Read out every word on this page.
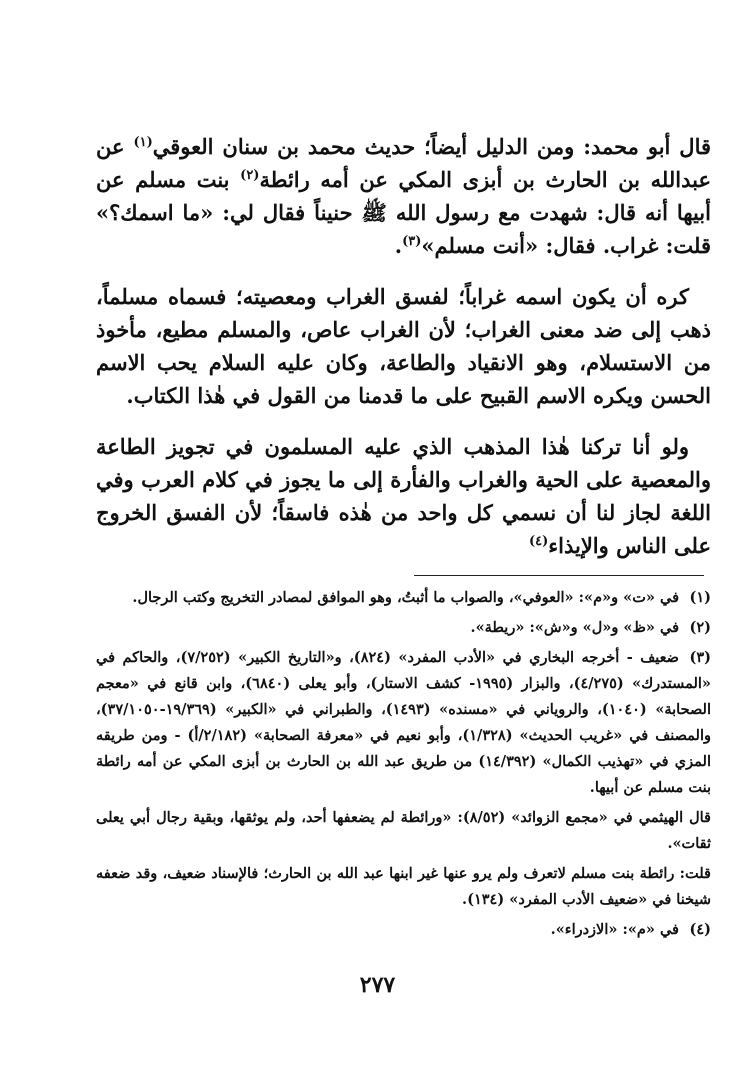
قال أبو محمد: ومن الدليل أيضاً؛ حديث محمد بن سنان العوقي$^{(١)}$ عن عبدالله بن الحارث بن أبزى المكي عن أمه رائطة$^{(٢)}$ بنت مسلم عن أبيها أنه قال: شهدت مع رسول الله ﷺ حنيناً فقال لي: «ما اسمك؟» قلت: غراب. فقال: «أنت مسلم»$^{(٣)}$.

كره أن يكون اسمه غراباً؛ لفسق الغراب ومعصيته؛ فسماه مسلماً، ذهب إلى ضد معنى الغراب؛ لأن الغراب عاص، والمسلم مطيع، مأخوذ من الاستسلام، وهو الانقياد والطاعة، وكان عليه السلام يحب الاسم الحسن ويكره الاسم القبيح على ما قدمنا من القول في هٰذا الكتاب.

ولو أنا تركنا هٰذا المذهب الذي عليه المسلمون في تجويز الطاعة والمعصية على الحية والغراب والفأرة إلى ما يجوز في كلام العرب وفي اللغة لجاز لنا أن نسمي كل واحد من هٰذه فاسقاً؛ لأن الفسق الخروج على الناس والإيذاء$^{(٤)}$

(١)في «ت» و«م»: «العوفي»، والصواب ما أثبتُ، وهو الموافق لمصادر التخريج وكتب الرجال.

(٢)في «ظ» و«ل» و«ش»: «ريطة».

(٣)ضعيف - أخرجه البخاري في «الأدب المفرد» (٨٢٤)، و«التاريخ الكبير» (٧/٢٥٢)، والحاكم في «المستدرك» (٤/٢٧٥)، والبزار (١٩٩٥- كشف الاستار)، وأبو يعلى (٦٨٤٠)، وابن قانع في «معجم الصحابة» (١٠٤٠)، والروياني في «مسنده» (١٤٩٣)، والطبراني في «الكبير» (١٩/٣٦٩-٣٧/١٠٥٠)، والمصنف في «غريب الحديث» (١/٣٢٨)، وأبو نعيم في «معرفة الصحابة» (٢/١٨٢/أ) - ومن طريقه المزي في «تهذيب الكمال» (١٤/٣٩٢) من طريق عبد الله بن الحارث بن أبزى المكي عن أمه رائطة بنت مسلم عن أبيها.

قال الهيثمي في «مجمع الزوائد» (٨/٥٢): «ورائطة لم يضعفها أحد، ولم يوثقها، وبقية رجال أبي يعلى ثقات».

قلت: رائطة بنت مسلم لاتعرف ولم يرو عنها غير ابنها عبد الله بن الحارث؛ فالإسناد ضعيف، وقد ضعفه شيخنا في «ضعيف الأدب المفرد» (١٣٤).

(٤)في «م»: «الازدراء».

٢٧٧
